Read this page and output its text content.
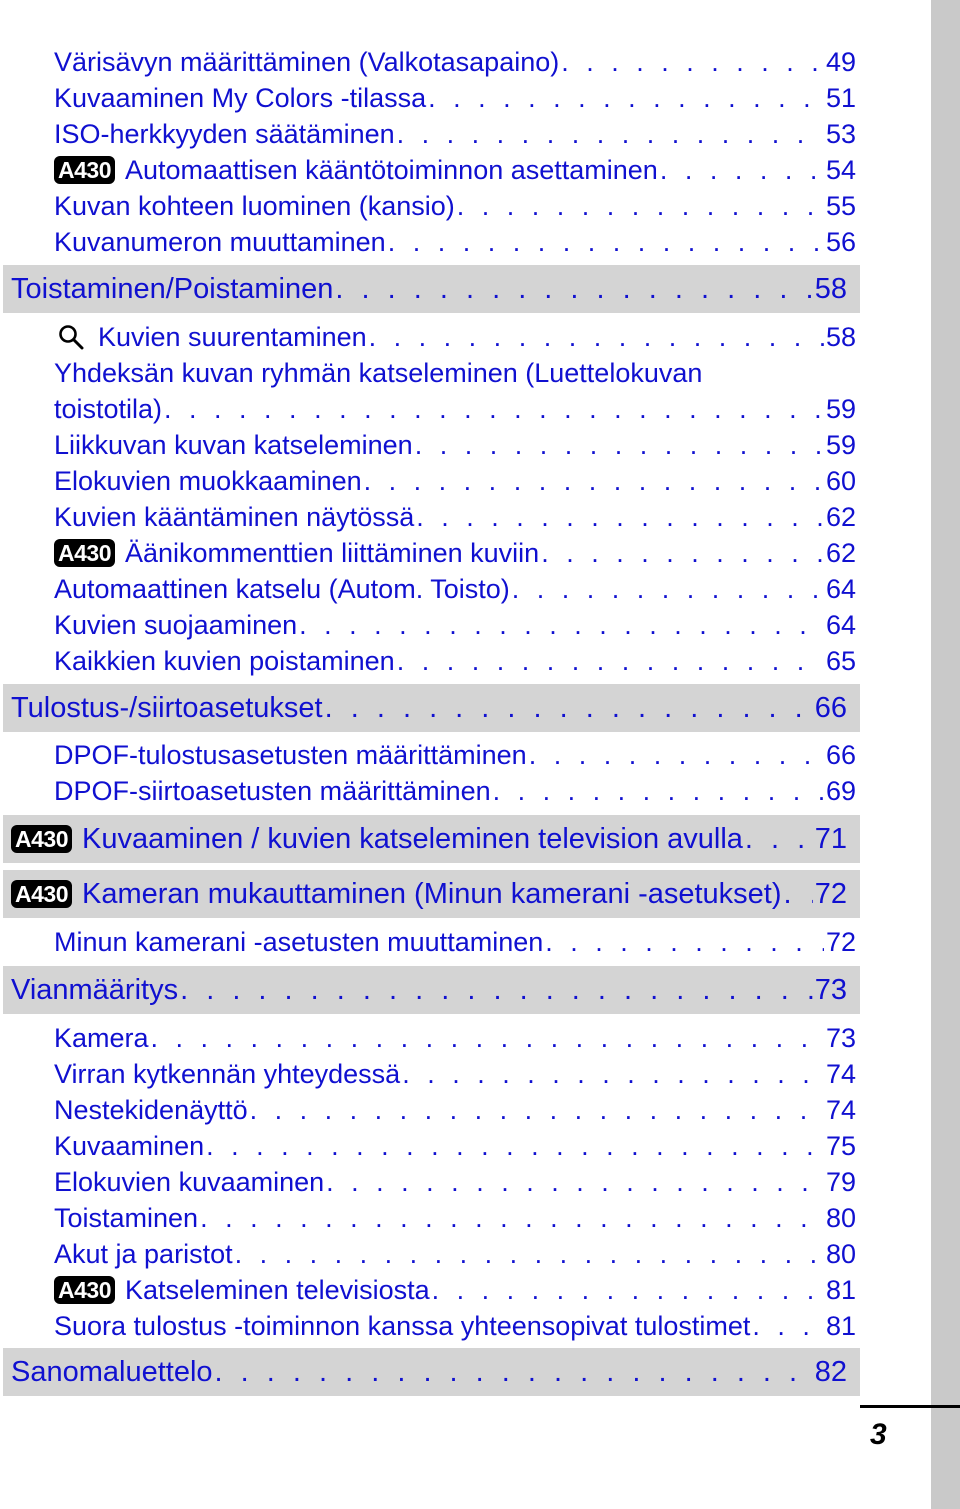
Värisävyn määrittäminen (Valkotasapaino) . . .	49
Kuvaaminen My Colors -tilassa . . .	51
ISO-herkkyyden säätäminen . . .	53
A430 Automaattisen kääntötoiminnon asettaminen . . .	54
Kuvan kohteen luominen (kansio) . . .	55
Kuvanumeron muuttaminen . . .	56
Toistaminen/Poistaminen . . .	58
Kuvien suurentaminen . . .	58
Yhdeksän kuvan ryhmän katseleminen (Luettelokuvan
toistotila) . . .	59
Liikkuvan kuvan katseleminen . . .	59
Elokuvien muokkaaminen . . .	60
Kuvien kääntäminen näytössä . . .	62
A430 Äänikommenttien liittäminen kuviin . . .	62
Automaattinen katselu (Autom. Toisto) . . .	64
Kuvien suojaaminen . . .	64
Kaikkien kuvien poistaminen . . .	65
Tulostus-/siirtoasetukset . . .	66
DPOF-tulostusasetusten määrittäminen . . .	66
DPOF-siirtoasetusten määrittäminen . . .	69
A430 Kuvaaminen / kuvien katseleminen television avulla . . . 71
A430 Kameran mukauttaminen (Minun kamerani -asetukset) . . . 72
Minun kamerani -asetusten muuttaminen . . .	72
Vianmääritys . . .	73
Kamera . . .	73
Virran kytkennän yhteydessä . . .	74
Nestekidenäyttö . . .	74
Kuvaaminen . . .	75
Elokuvien kuvaaminen . . .	79
Toistaminen . . .	80
Akut ja paristot . . .	80
A430 Katseleminen televisiosta . . .	81
Suora tulostus -toiminnon kanssa yhteensopivat tulostimet . . .	81
Sanomaluettelo . . .	82
3
